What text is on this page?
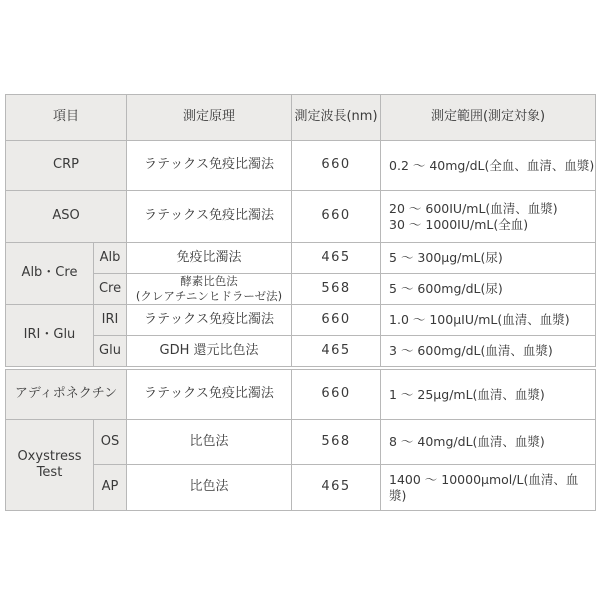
項目		測定原理	測定波長(nm)	測定範囲(測定対象)
CRP		ラテックス免疫比濁法	660	0.2 ～ 40mg/dL(全血、血清、血漿)
ASO		ラテックス免疫比濁法	660	20 ～ 600IU/mL(血清、血漿)
30 ～ 1000IU/mL(全血)

Alb・Cre	Alb	免疫比濁法	465	5 ～ 300μg/mL(尿)
	Cre	酵素比色法
(クレアチニンヒドラーゼ法)	568	5 ～ 600mg/dL(尿)
IRI・Glu	IRI	ラテックス免疫比濁法	660	1.0 ～ 100μIU/mL(血清、血漿)
	Glu	GDH 還元比色法	465	3 ～ 600mg/dL(血清、血漿)
アディポネクチン		ラテックス免疫比濁法	660	1 ～ 25μg/mL(血清、血漿)

Oxystress
Test	OS	比色法	568	8 ～ 40mg/dL(血清、血漿)
	AP	比色法	465	1400 ～ 10000μmol/L(血清、血漿)
